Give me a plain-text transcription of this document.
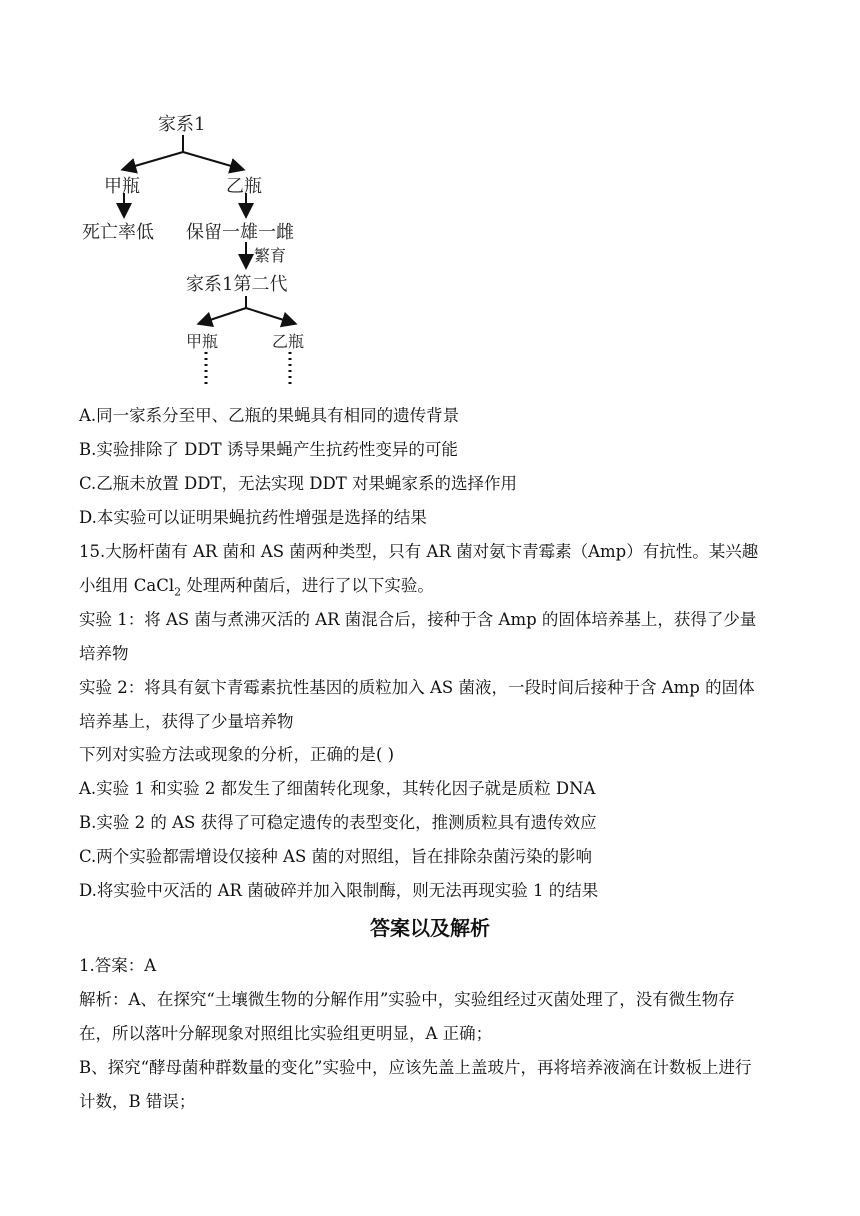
家系1
甲瓶	乙瓶
死亡率低 保留一雄一雌
繁育
家系1第二代
甲瓶	乙瓶
A.同一家系分至甲、乙瓶的果蝇具有相同的遗传背景
B.实验排除了 DDT 诱导果蝇产生抗药性变异的可能
C.乙瓶未放置 DDT，无法实现 DDT 对果蝇家系的选择作用
D.本实验可以证明果蝇抗药性增强是选择的结果
15.大肠杆菌有 AR 菌和 AS 菌两种类型，只有 AR 菌对氨卞青霉素（Amp）有抗性。某兴趣
小组用 CaCl$_2$ 处理两种菌后，进行了以下实验。
实验 1：将 AS 菌与煮沸灭活的 AR 菌混合后，接种于含 Amp 的固体培养基上，获得了少量
培养物
实验 2：将具有氨卞青霉素抗性基因的质粒加入 AS 菌液，一段时间后接种于含 Amp 的固体
培养基上，获得了少量培养物
下列对实验方法或现象的分析，正确的是( )
A.实验 1 和实验 2 都发生了细菌转化现象，其转化因子就是质粒 DNA
B.实验 2 的 AS 获得了可稳定遗传的表型变化，推测质粒具有遗传效应
C.两个实验都需增设仅接种 AS 菌的对照组，旨在排除杂菌污染的影响
D.将实验中灭活的 AR 菌破碎并加入限制酶，则无法再现实验 1 的结果
答案以及解析
1.答案：A
解析：A、在探究“土壤微生物的分解作用”实验中，实验组经过灭菌处理了，没有微生物存
在，所以落叶分解现象对照组比实验组更明显，A 正确；
B、探究“酵母菌种群数量的变化”实验中，应该先盖上盖玻片，再将培养液滴在计数板上进行
计数，B 错误；
